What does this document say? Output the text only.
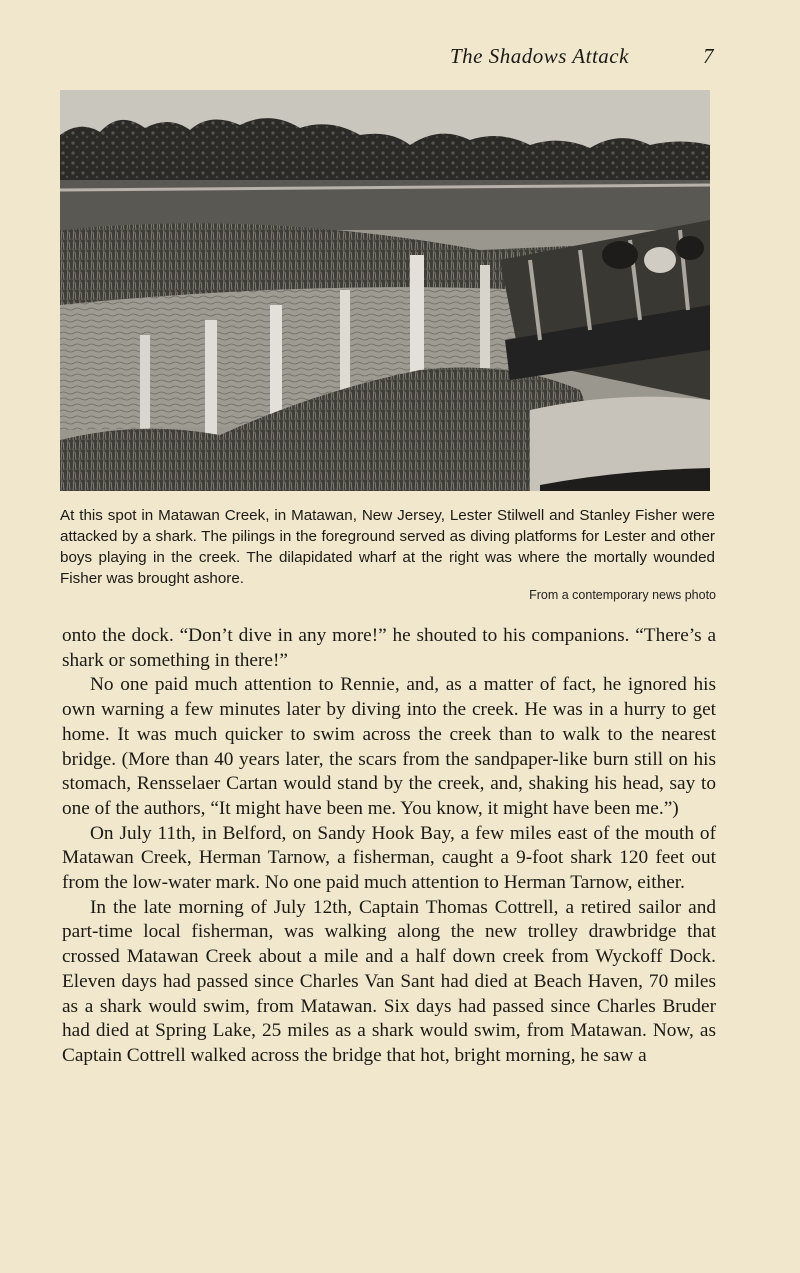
The Shadows Attack	7
At this spot in Matawan Creek, in Matawan, New Jersey, Lester Stilwell and Stanley Fisher were attacked by a shark. The pilings in the foreground served as diving platforms for Lester and other boys playing in the creek. The dilapidated wharf at the right was where the mortally wounded Fisher was brought ashore.
From a contemporary news photo

onto the dock. “Don’t dive in any more!” he shouted to his companions. “There’s a shark or something in there!”

No one paid much attention to Rennie, and, as a matter of fact, he ignored his own warning a few minutes later by diving into the creek. He was in a hurry to get home. It was much quicker to swim across the creek than to walk to the nearest bridge. (More than 40 years later, the scars from the sandpaper-like burn still on his stomach, Rensselaer Cartan would stand by the creek, and, shaking his head, say to one of the authors, “It might have been me. You know, it might have been me.”)

On July 11th, in Belford, on Sandy Hook Bay, a few miles east of the mouth of Matawan Creek, Herman Tarnow, a fisherman, caught a 9-foot shark 120 feet out from the low-water mark. No one paid much attention to Herman Tarnow, either.

In the late morning of July 12th, Captain Thomas Cottrell, a retired sailor and part-time local fisherman, was walking along the new trolley drawbridge that crossed Matawan Creek about a mile and a half down creek from Wyckoff Dock. Eleven days had passed since Charles Van Sant had died at Beach Haven, 70 miles as a shark would swim, from Matawan. Six days had passed since Charles Bruder had died at Spring Lake, 25 miles as a shark would swim, from Matawan. Now, as Captain Cottrell walked across the bridge that hot, bright morning, he saw a
